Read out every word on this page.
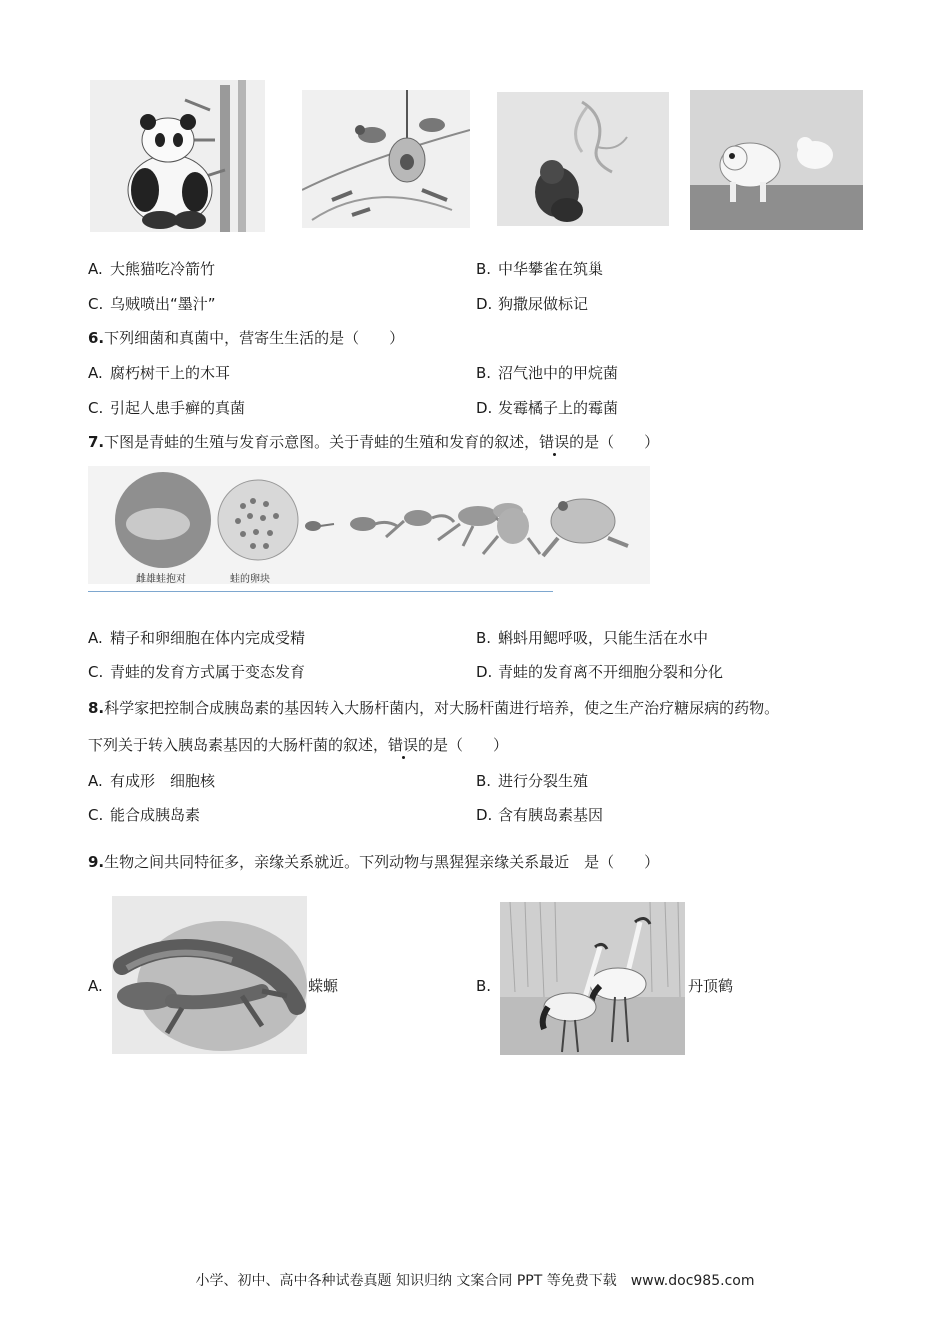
A. 大熊猫吃冷箭竹	B. 中华攀雀在筑巢
C. 乌贼喷出“墨汁”	D. 狗撒尿做标记
6.下列细菌和真菌中，营寄生生活的是（　　）
A. 腐朽树干上的木耳	B. 沼气池中的甲烷菌
C. 引起人患手癣的真菌	D. 发霉橘子上的霉菌
7.下图是青蛙的生殖与发育示意图。关于青蛙的生殖和发育的叙述，错误的是（　　）
雌雄蛙抱对	蛙的卵块
A. 精子和卵细胞在体内完成受精	B. 蝌蚪用鳃呼吸，只能生活在水中
C. 青蛙的发育方式属于变态发育	D. 青蛙的发育离不开细胞分裂和分化
8.科学家把控制合成胰岛素的基因转入大肠杆菌内，对大肠杆菌进行培养，使之生产治疗糖尿病的药物。
下列关于转入胰岛素基因的大肠杆菌的叙述，错误的是（　　）
A. 有成形　细胞核	B. 进行分裂生殖
C. 能合成胰岛素	D. 含有胰岛素基因
9.生物之间共同特征多，亲缘关系就近。下列动物与黑猩猩亲缘关系最近　是（　　）
A.	蝾螈	B.	丹顶鹤
小学、初中、高中各种试卷真题 知识归纳 文案合同 PPT 等免费下载　www.doc985.com
